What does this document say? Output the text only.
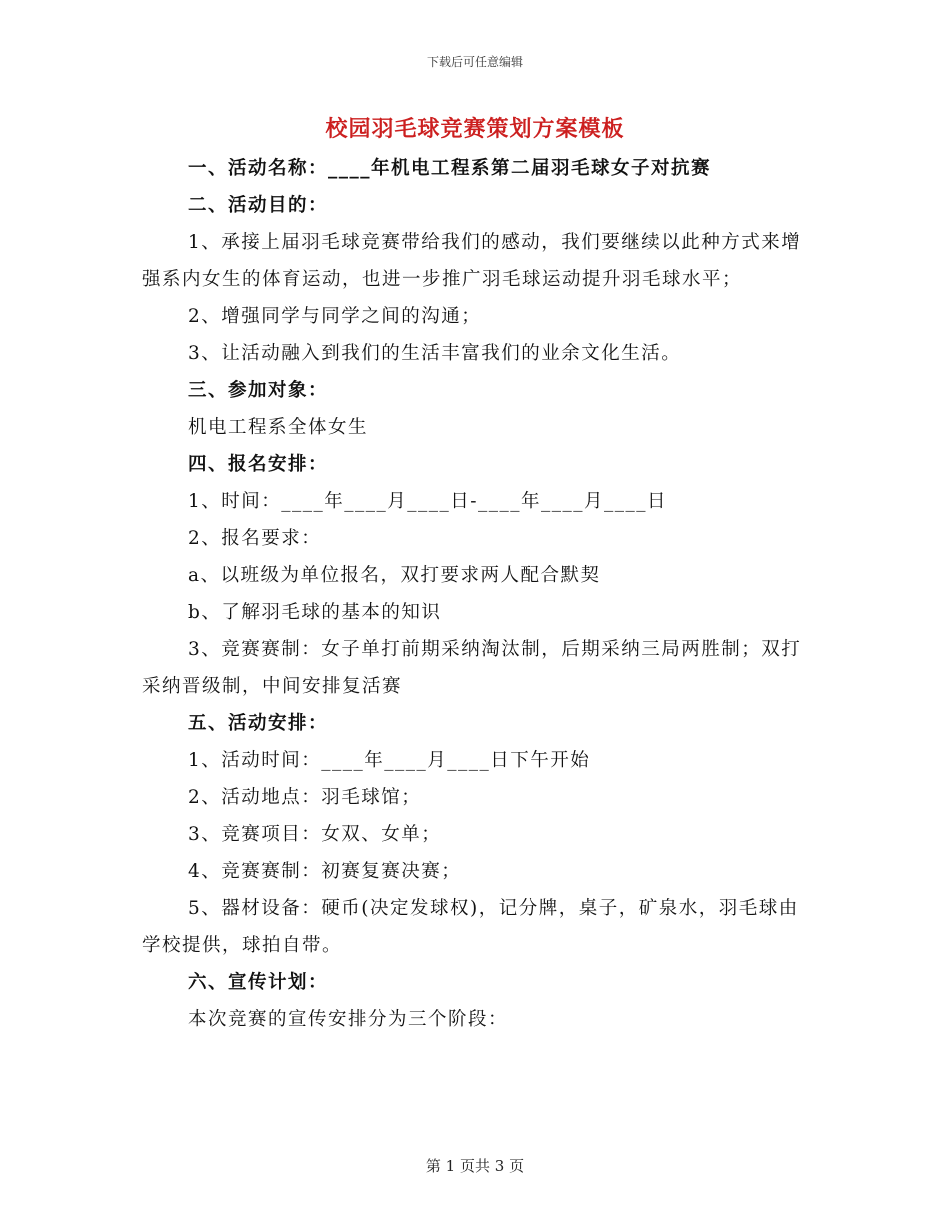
下载后可任意编辑
校园羽毛球竞赛策划方案模板

一、活动名称：____年机电工程系第二届羽毛球女子对抗赛

二、活动目的：

1、承接上届羽毛球竞赛带给我们的感动，我们要继续以此种方式来增强系内女生的体育运动，也进一步推广羽毛球运动提升羽毛球水平；

2、增强同学与同学之间的沟通；

3、让活动融入到我们的生活丰富我们的业余文化生活。

三、参加对象：

机电工程系全体女生

四、报名安排：

1、时间：____年____月____日-____年____月____日

2、报名要求：

a、以班级为单位报名，双打要求两人配合默契

b、了解羽毛球的基本的知识

3、竞赛赛制：女子单打前期采纳淘汰制，后期采纳三局两胜制；双打采纳晋级制，中间安排复活赛

五、活动安排：

1、活动时间：____年____月____日下午开始

2、活动地点：羽毛球馆；

3、竞赛项目：女双、女单；

4、竞赛赛制：初赛复赛决赛；

5、器材设备：硬币(决定发球权)，记分牌，桌子，矿泉水，羽毛球由学校提供，球拍自带。

六、宣传计划：

本次竞赛的宣传安排分为三个阶段：

第 1 页共 3 页
